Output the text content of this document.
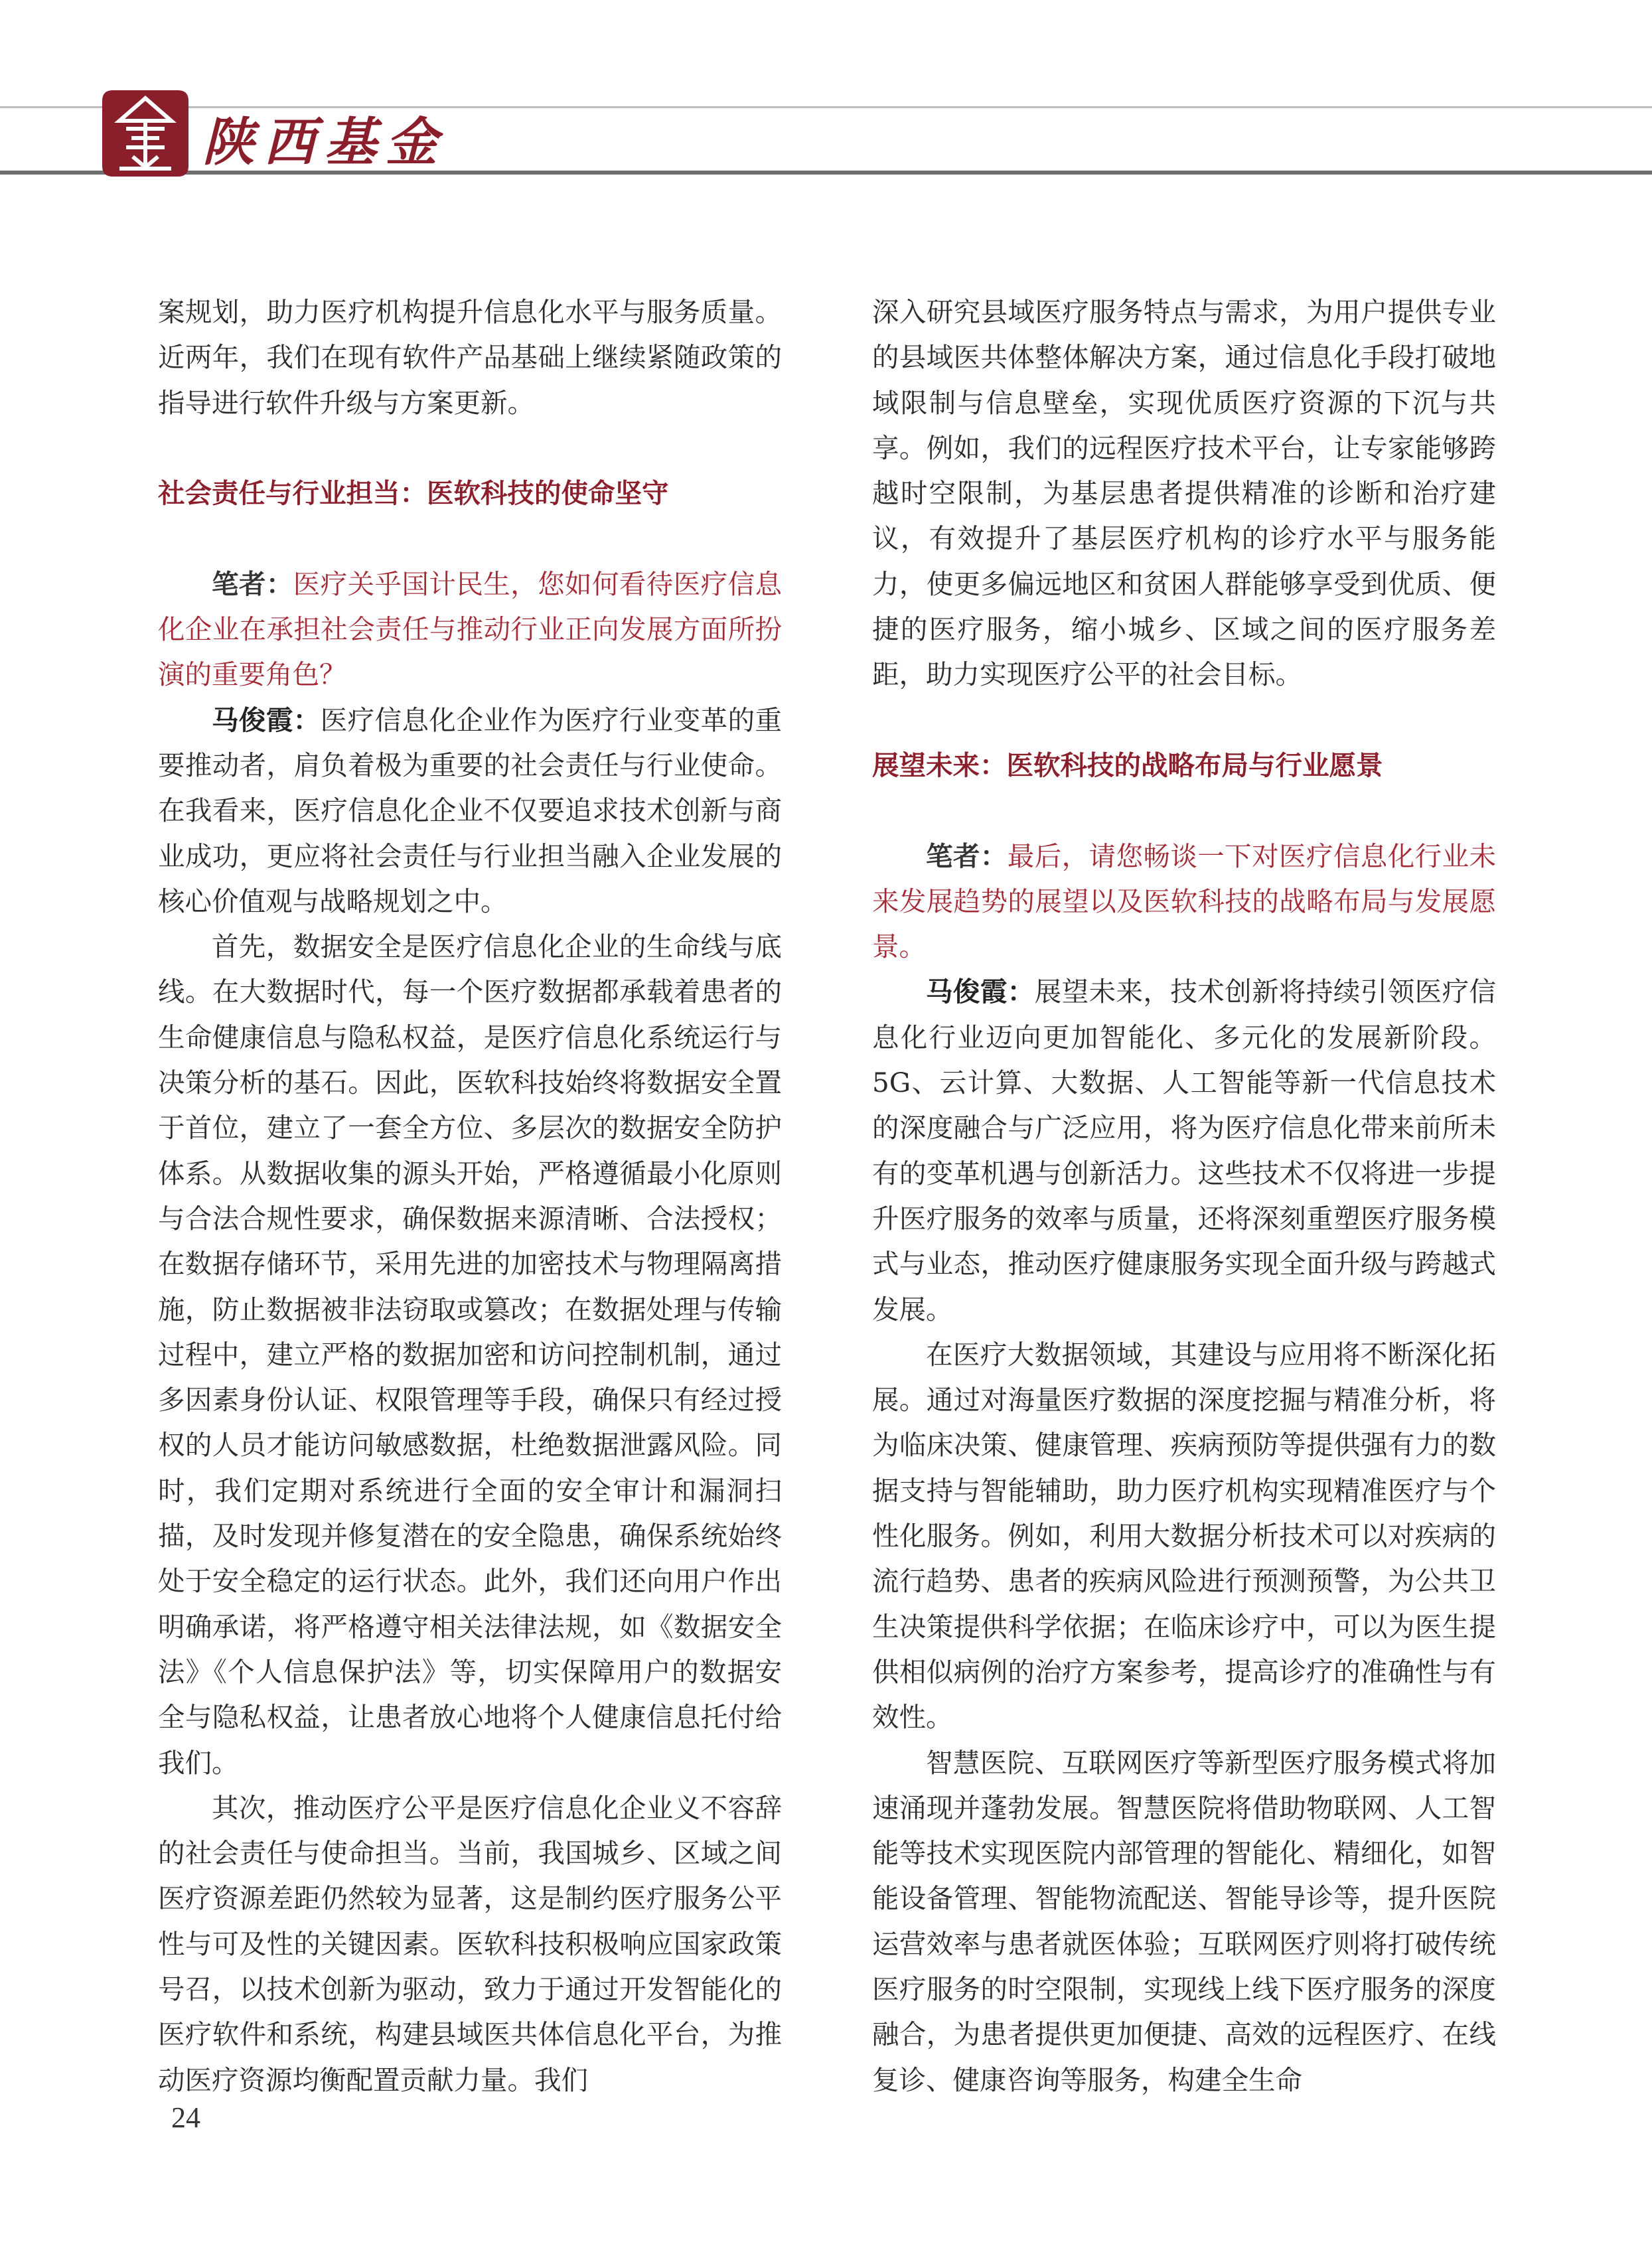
陕西基金

案规划，助力医疗机构提升信息化水平与服务质量。近两年，我们在现有软件产品基础上继续紧随政策的指导进行软件升级与方案更新。

社会责任与行业担当：医软科技的使命坚守

笔者：医疗关乎国计民生，您如何看待医疗信息化企业在承担社会责任与推动行业正向发展方面所扮演的重要角色？

马俊霞：医疗信息化企业作为医疗行业变革的重要推动者，肩负着极为重要的社会责任与行业使命。在我看来，医疗信息化企业不仅要追求技术创新与商业成功，更应将社会责任与行业担当融入企业发展的核心价值观与战略规划之中。

首先，数据安全是医疗信息化企业的生命线与底线。在大数据时代，每一个医疗数据都承载着患者的生命健康信息与隐私权益，是医疗信息化系统运行与决策分析的基石。因此，医软科技始终将数据安全置于首位，建立了一套全方位、多层次的数据安全防护体系。从数据收集的源头开始，严格遵循最小化原则与合法合规性要求，确保数据来源清晰、合法授权；在数据存储环节，采用先进的加密技术与物理隔离措施，防止数据被非法窃取或篡改；在数据处理与传输过程中，建立严格的数据加密和访问控制机制，通过多因素身份认证、权限管理等手段，确保只有经过授权的人员才能访问敏感数据，杜绝数据泄露风险。同时，我们定期对系统进行全面的安全审计和漏洞扫描，及时发现并修复潜在的安全隐患，确保系统始终处于安全稳定的运行状态。此外，我们还向用户作出明确承诺，将严格遵守相关法律法规，如《数据安全法》《个人信息保护法》等，切实保障用户的数据安全与隐私权益，让患者放心地将个人健康信息托付给我们。

其次，推动医疗公平是医疗信息化企业义不容辞的社会责任与使命担当。当前，我国城乡、区域之间医疗资源差距仍然较为显著，这是制约医疗服务公平性与可及性的关键因素。医软科技积极响应国家政策号召，以技术创新为驱动，致力于通过开发智能化的医疗软件和系统，构建县域医共体信息化平台，为推动医疗资源均衡配置贡献力量。我们

深入研究县域医疗服务特点与需求，为用户提供专业的县域医共体整体解决方案，通过信息化手段打破地域限制与信息壁垒，实现优质医疗资源的下沉与共享。例如，我们的远程医疗技术平台，让专家能够跨越时空限制，为基层患者提供精准的诊断和治疗建议，有效提升了基层医疗机构的诊疗水平与服务能力，使更多偏远地区和贫困人群能够享受到优质、便捷的医疗服务，缩小城乡、区域之间的医疗服务差距，助力实现医疗公平的社会目标。

展望未来：医软科技的战略布局与行业愿景

笔者：最后，请您畅谈一下对医疗信息化行业未来发展趋势的展望以及医软科技的战略布局与发展愿景。

马俊霞：展望未来，技术创新将持续引领医疗信息化行业迈向更加智能化、多元化的发展新阶段。5G、云计算、大数据、人工智能等新一代信息技术的深度融合与广泛应用，将为医疗信息化带来前所未有的变革机遇与创新活力。这些技术不仅将进一步提升医疗服务的效率与质量，还将深刻重塑医疗服务模式与业态，推动医疗健康服务实现全面升级与跨越式发展。

在医疗大数据领域，其建设与应用将不断深化拓展。通过对海量医疗数据的深度挖掘与精准分析，将为临床决策、健康管理、疾病预防等提供强有力的数据支持与智能辅助，助力医疗机构实现精准医疗与个性化服务。例如，利用大数据分析技术可以对疾病的流行趋势、患者的疾病风险进行预测预警，为公共卫生决策提供科学依据；在临床诊疗中，可以为医生提供相似病例的治疗方案参考，提高诊疗的准确性与有效性。

智慧医院、互联网医疗等新型医疗服务模式将加速涌现并蓬勃发展。智慧医院将借助物联网、人工智能等技术实现医院内部管理的智能化、精细化，如智能设备管理、智能物流配送、智能导诊等，提升医院运营效率与患者就医体验；互联网医疗则将打破传统医疗服务的时空限制，实现线上线下医疗服务的深度融合，为患者提供更加便捷、高效的远程医疗、在线复诊、健康咨询等服务，构建全生命

24
